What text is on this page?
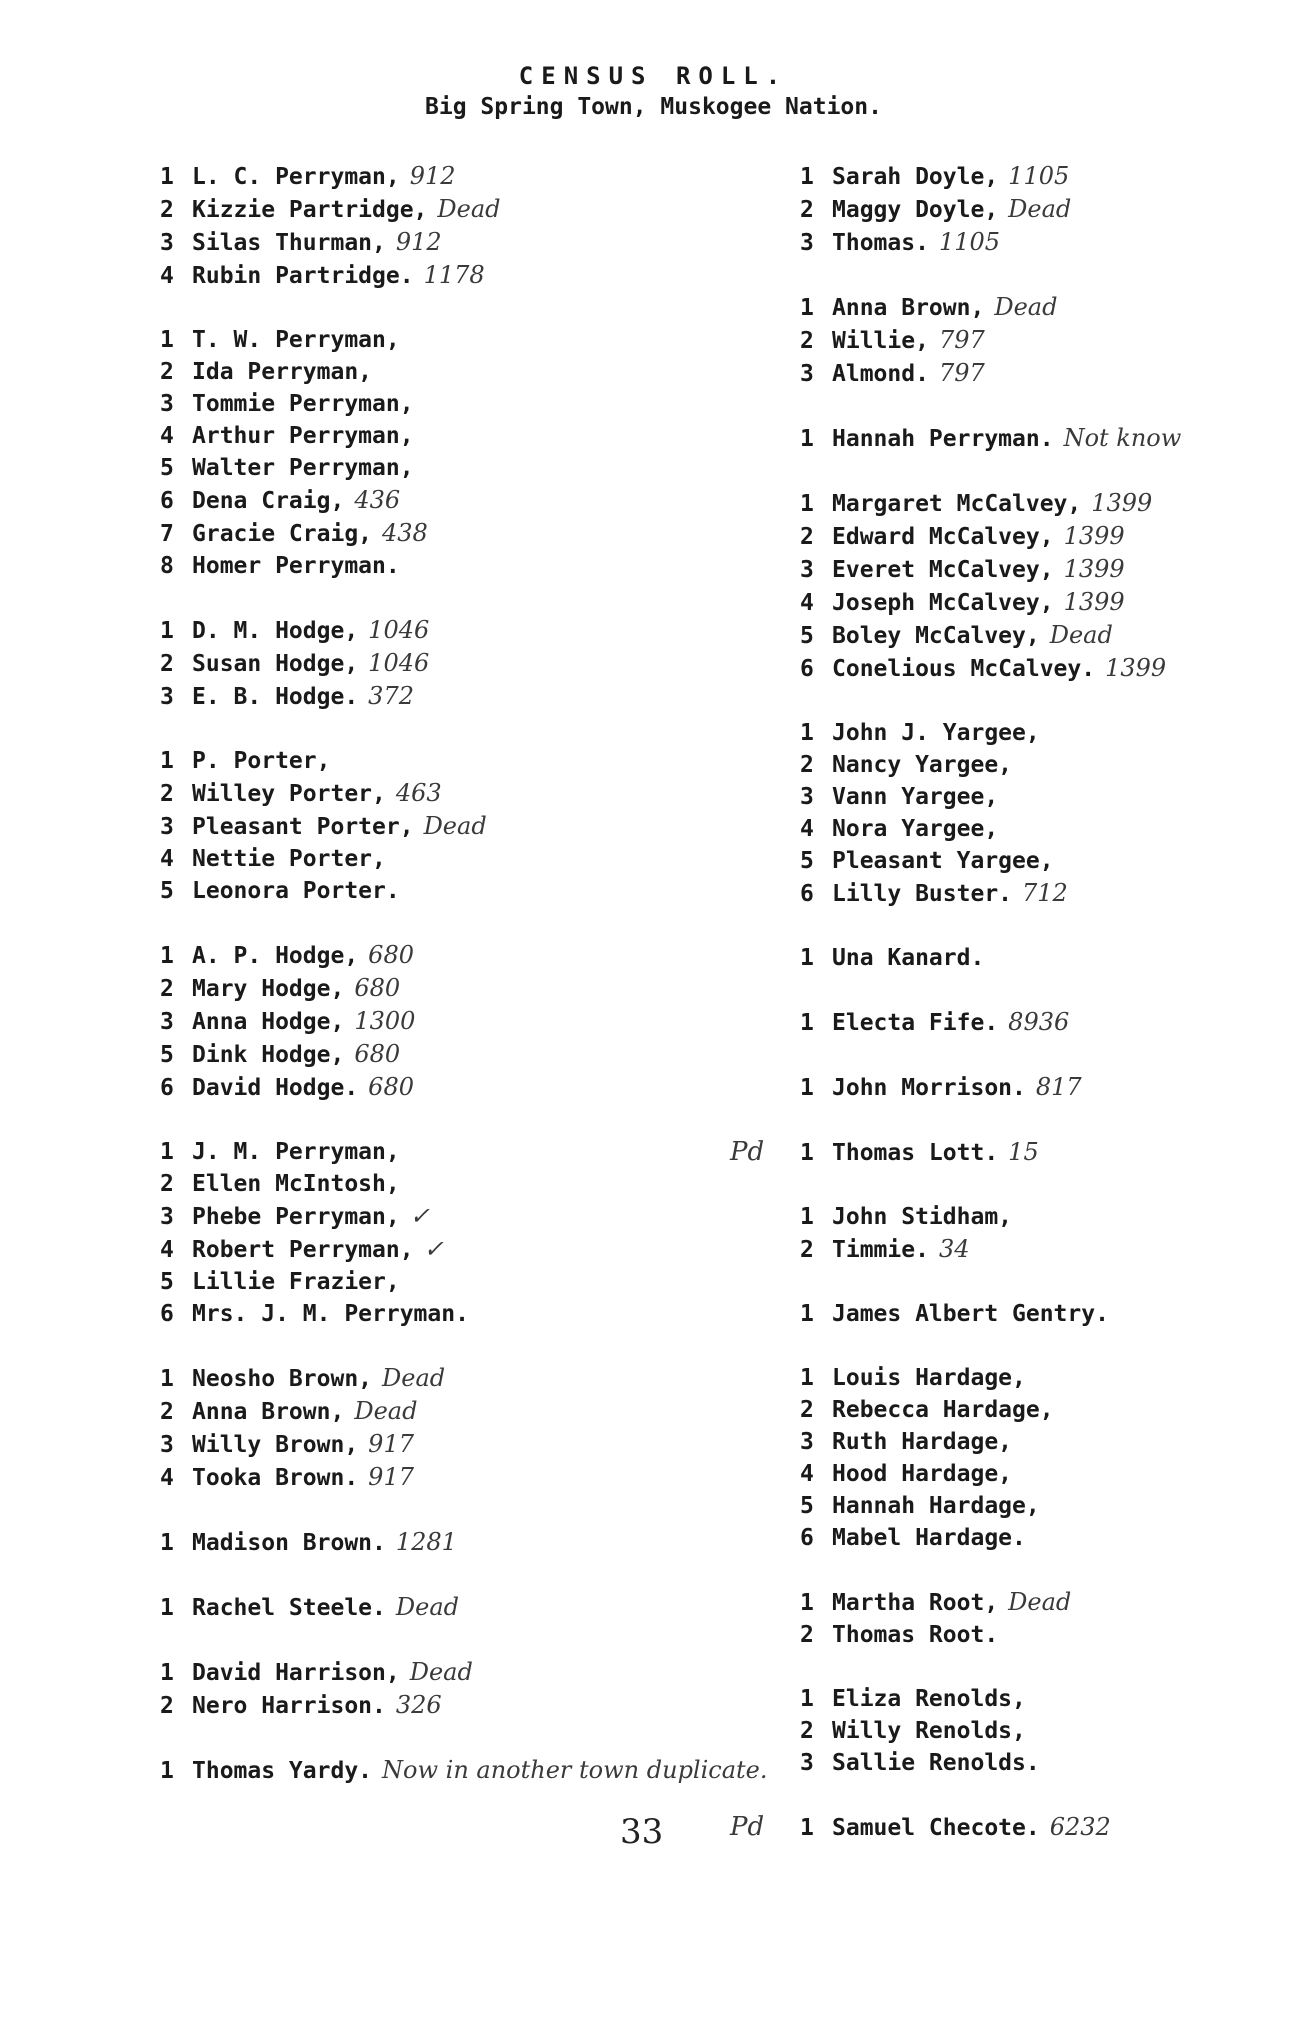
CENSUS ROLL.
Big Spring Town, Muskogee Nation.
1 L. C. Perryman, 912
2 Kizzie Partridge, Dead
3 Silas Thurman, 912
4 Rubin Partridge. 1178
1 T. W. Perryman,
2 Ida Perryman,
3 Tommie Perryman,
4 Arthur Perryman,
5 Walter Perryman,
6 Dena Craig, 436
7 Gracie Craig, 438
8 Homer Perryman.
1 D. M. Hodge, 1046
2 Susan Hodge, 1046
3 E. B. Hodge. 372
1 P. Porter,
2 Willey Porter, 463
3 Pleasant Porter, Dead
4 Nettie Porter,
5 Leonora Porter.
1 A. P. Hodge, 680
2 Mary Hodge, 680
3 Anna Hodge, 1300
5 Dink Hodge, 680
6 David Hodge. 680
1 J. M. Perryman,
2 Ellen McIntosh,
3 Phebe Perryman, ✓
4 Robert Perryman, ✓
5 Lillie Frazier,
6 Mrs. J. M. Perryman.
1 Neosho Brown, Dead
2 Anna Brown, Dead
3 Willy Brown, 917
4 Tooka Brown. 917
1 Madison Brown. 1281
1 Rachel Steele. Dead
1 David Harrison, Dead
2 Nero Harrison. 326
1 Thomas Yardy. Now in another town duplicate.
1 Sarah Doyle, 1105
2 Maggy Doyle, Dead
3 Thomas. 1105
1 Anna Brown, Dead
2 Willie, 797
3 Almond. 797
1 Hannah Perryman. Not know
1 Margaret McCalvey, 1399
2 Edward McCalvey, 1399
3 Everet McCalvey, 1399
4 Joseph McCalvey, 1399
5 Boley McCalvey, Dead
6 Conelious McCalvey. 1399
1 John J. Yargee,
2 Nancy Yargee,
3 Vann Yargee,
4 Nora Yargee,
5 Pleasant Yargee,
6 Lilly Buster. 712
1 Una Kanard.
1 Electa Fife. 8936
1 John Morrison. 817
Pd 1 Thomas Lott. 15
1 John Stidham,
2 Timmie. 34
1 James Albert Gentry.
1 Louis Hardage,
2 Rebecca Hardage,
3 Ruth Hardage,
4 Hood Hardage,
5 Hannah Hardage,
6 Mabel Hardage.
1 Martha Root, Dead
2 Thomas Root.
1 Eliza Renolds,
2 Willy Renolds,
3 Sallie Renolds.
Pd 1 Samuel Checote. 6232
33
